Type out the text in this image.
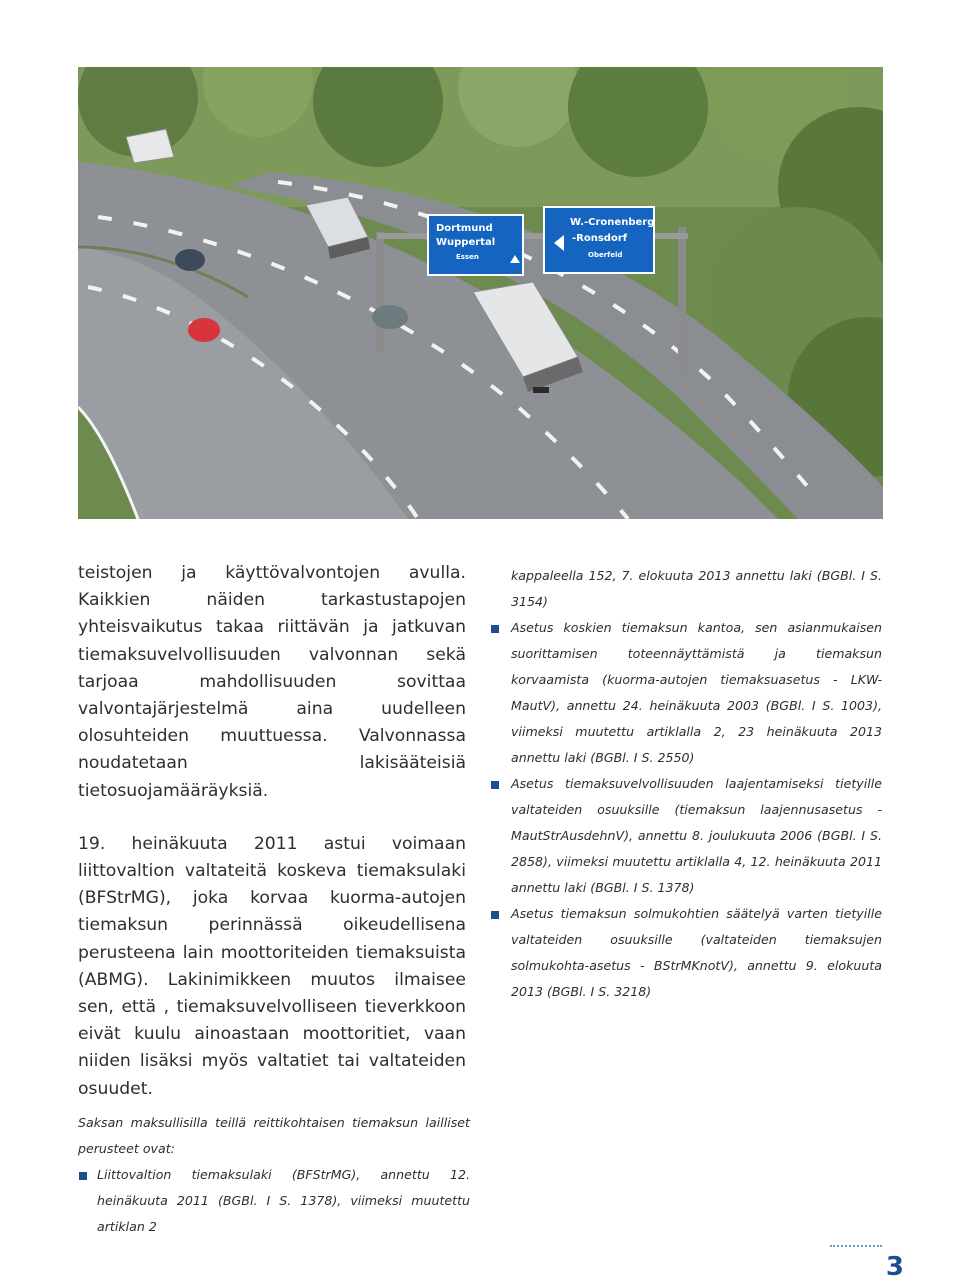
Dortmund
Wuppertal
Essen
W.-Cronenberg
-Ronsdorf
Oberfeld

teistojen ja käyttövalvontojen avulla. Kaikkien näiden tarkastustapojen yhteisvaikutus takaa riittävän ja jatkuvan tiemaksuvelvollisuuden valvonnan sekä tarjoaa mahdollisuuden sovittaa valvontajärjestelmä aina uudelleen olosuhteiden muuttuessa. Valvonnassa noudatetaan lakisääteisiä tietosuojamääräyksiä.

19. heinäkuuta 2011 astui voimaan liittovaltion valtateitä koskeva tiemaksulaki (BFStrMG), joka korvaa kuorma-autojen tiemaksun perinnässä oikeudellisena perusteena lain moottoriteiden tiemaksuista (ABMG). Lakinimikkeen muutos ilmaisee sen, että , tiemaksuvelvolliseen tieverkkoon eivät kuulu ainoastaan moottoritiet, vaan niiden lisäksi myös valtatiet tai valtateiden osuudet.

kappaleella 152, 7. elokuuta 2013 annettu laki (BGBl. I S. 3154)

Asetus koskien tiemaksun kantoa, sen asianmukaisen suorittamisen toteennäyttämistä ja tiemaksun korvaamista (kuorma-autojen tiemaksuasetus - LKW-MautV), annettu 24. heinäkuuta 2003 (BGBl. I S. 1003), viimeksi muutettu artiklalla 2, 23 heinäkuuta 2013 annettu laki (BGBl. I S. 2550)
Asetus tiemaksuvelvollisuuden laajentamiseksi tietyille valtateiden osuuksille (tiemaksun laajennusasetus - MautStrAusdehnV), annettu 8. joulukuuta 2006 (BGBl. I S. 2858), viimeksi muutettu artiklalla 4, 12. heinäkuuta 2011 annettu laki (BGBl. I S. 1378)
Asetus tiemaksun solmukohtien säätelyä varten tietyille valtateiden osuuksille (valtateiden tiemaksujen solmukohta-asetus - BStrMKnotV), annettu 9. elokuuta 2013 (BGBl. I S. 3218)

Saksan maksullisilla teillä reittikohtaisen tiemaksun lailliset perusteet ovat:

Liittovaltion tiemaksulaki (BFStrMG), annettu 12. heinäkuuta 2011 (BGBl. I S. 1378), viimeksi muutettu artiklan 2
3
